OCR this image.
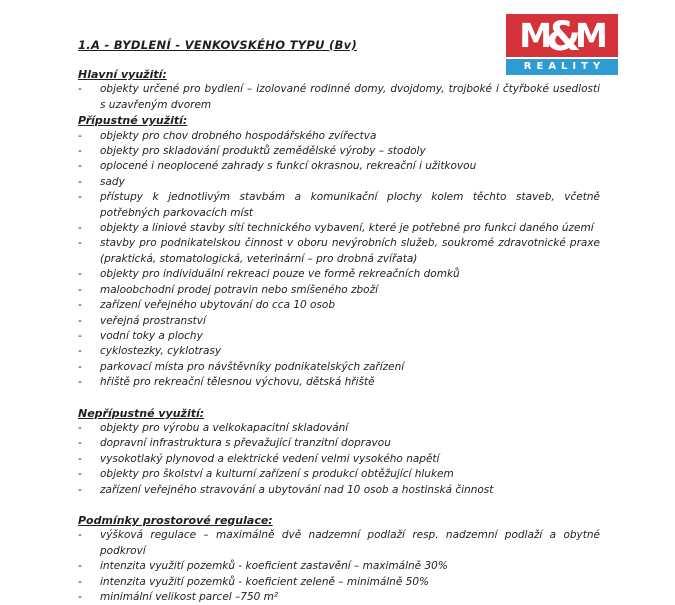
M
&
M
REALITY
1.A - BYDLENÍ - VENKOVSKÉHO TYPU (Bv)
Hlavní využití:
-	objekty určené pro bydlení – izolované rodinné domy, dvojdomy, trojboké i čtyřboké usedlosti s uzavřeným dvorem
Přípustné využití:
-	objekty pro chov drobného hospodářského zvířectva
-	objekty pro skladování produktů zemědělské výroby – stodoly
-	oplocené i neoplocené zahrady s funkcí okrasnou, rekreační i užitkovou
-	sady
-	přístupy k jednotlivým stavbám a komunikační plochy kolem těchto staveb, včetně potřebných parkovacích míst
-	objekty a liniové stavby sítí technického vybavení, které je potřebné pro funkci daného území
-	stavby pro podnikatelskou činnost v oboru nevýrobních služeb, soukromé zdravotnické praxe (praktická, stomatologická, veterinární – pro drobná zvířata)
-	objekty pro individuální rekreaci pouze ve formě rekreačních domků
-	maloobchodní prodej potravin nebo smíšeného zboží
-	zařízení veřejného ubytování do cca 10 osob
-	veřejná prostranství
-	vodní toky a plochy
-	cyklostezky, cyklotrasy
-	parkovací místa pro návštěvníky podnikatelských zařízení
-	hřiště pro rekreační tělesnou výchovu, dětská hřiště
Nepřípustné využití:
-	objekty pro výrobu a velkokapacitní skladování
-	dopravní infrastruktura s převažující tranzitní dopravou
-	vysokotlaký plynovod a elektrické vedení velmi vysokého napětí
-	objekty pro školství a kulturní zařízení s produkcí obtěžující hlukem
-	zařízení veřejného stravování a ubytování nad 10 osob a hostinská činnost
Podmínky prostorové regulace:
-	výšková regulace – maximálně dvě nadzemní podlaží resp. nadzemní podlaží a obytné podkroví
-	intenzita využití pozemků - koeficient zastavění – maximálně 30%
-	intenzita využití pozemků - koeficient zeleně – minimálně 50%
-	minimální velikost parcel –750 m²
